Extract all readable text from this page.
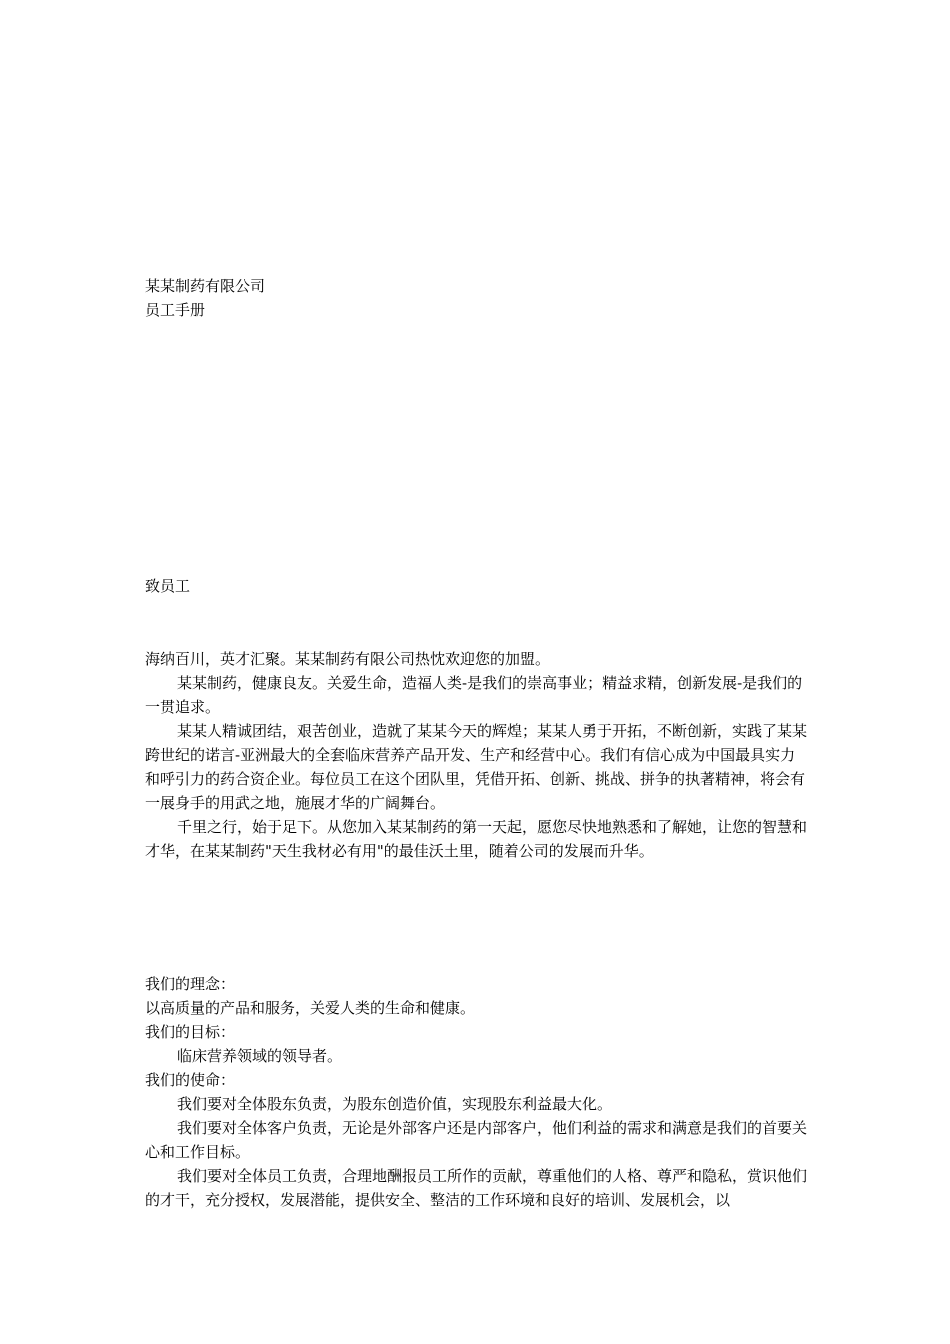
某某制药有限公司

员工手册

致员工

海纳百川，英才汇聚。某某制药有限公司热忱欢迎您的加盟。

某某制药，健康良友。关爱生命，造福人类-是我们的崇高事业；精益求精，创新发展-是我们的一贯追求。

某某人精诚团结，艰苦创业，造就了某某今天的辉煌；某某人勇于开拓，不断创新，实践了某某跨世纪的诺言-亚洲最大的全套临床营养产品开发、生产和经营中心。我们有信心成为中国最具实力和呼引力的药合资企业。每位员工在这个团队里，凭借开拓、创新、挑战、拼争的执著精神，将会有一展身手的用武之地，施展才华的广阔舞台。

千里之行，始于足下。从您加入某某制药的第一天起，愿您尽快地熟悉和了解她，让您的智慧和才华，在某某制药"天生我材必有用"的最佳沃土里，随着公司的发展而升华。

我们的理念：

以高质量的产品和服务，关爱人类的生命和健康。

我们的目标：

临床营养领域的领导者。

我们的使命：

我们要对全体股东负责，为股东创造价值，实现股东利益最大化。

我们要对全体客户负责，无论是外部客户还是内部客户，他们利益的需求和满意是我们的首要关心和工作目标。

我们要对全体员工负责，合理地酬报员工所作的贡献，尊重他们的人格、尊严和隐私，赏识他们的才干，充分授权，发展潜能，提供安全、整洁的工作环境和良好的培训、发展机会，以
